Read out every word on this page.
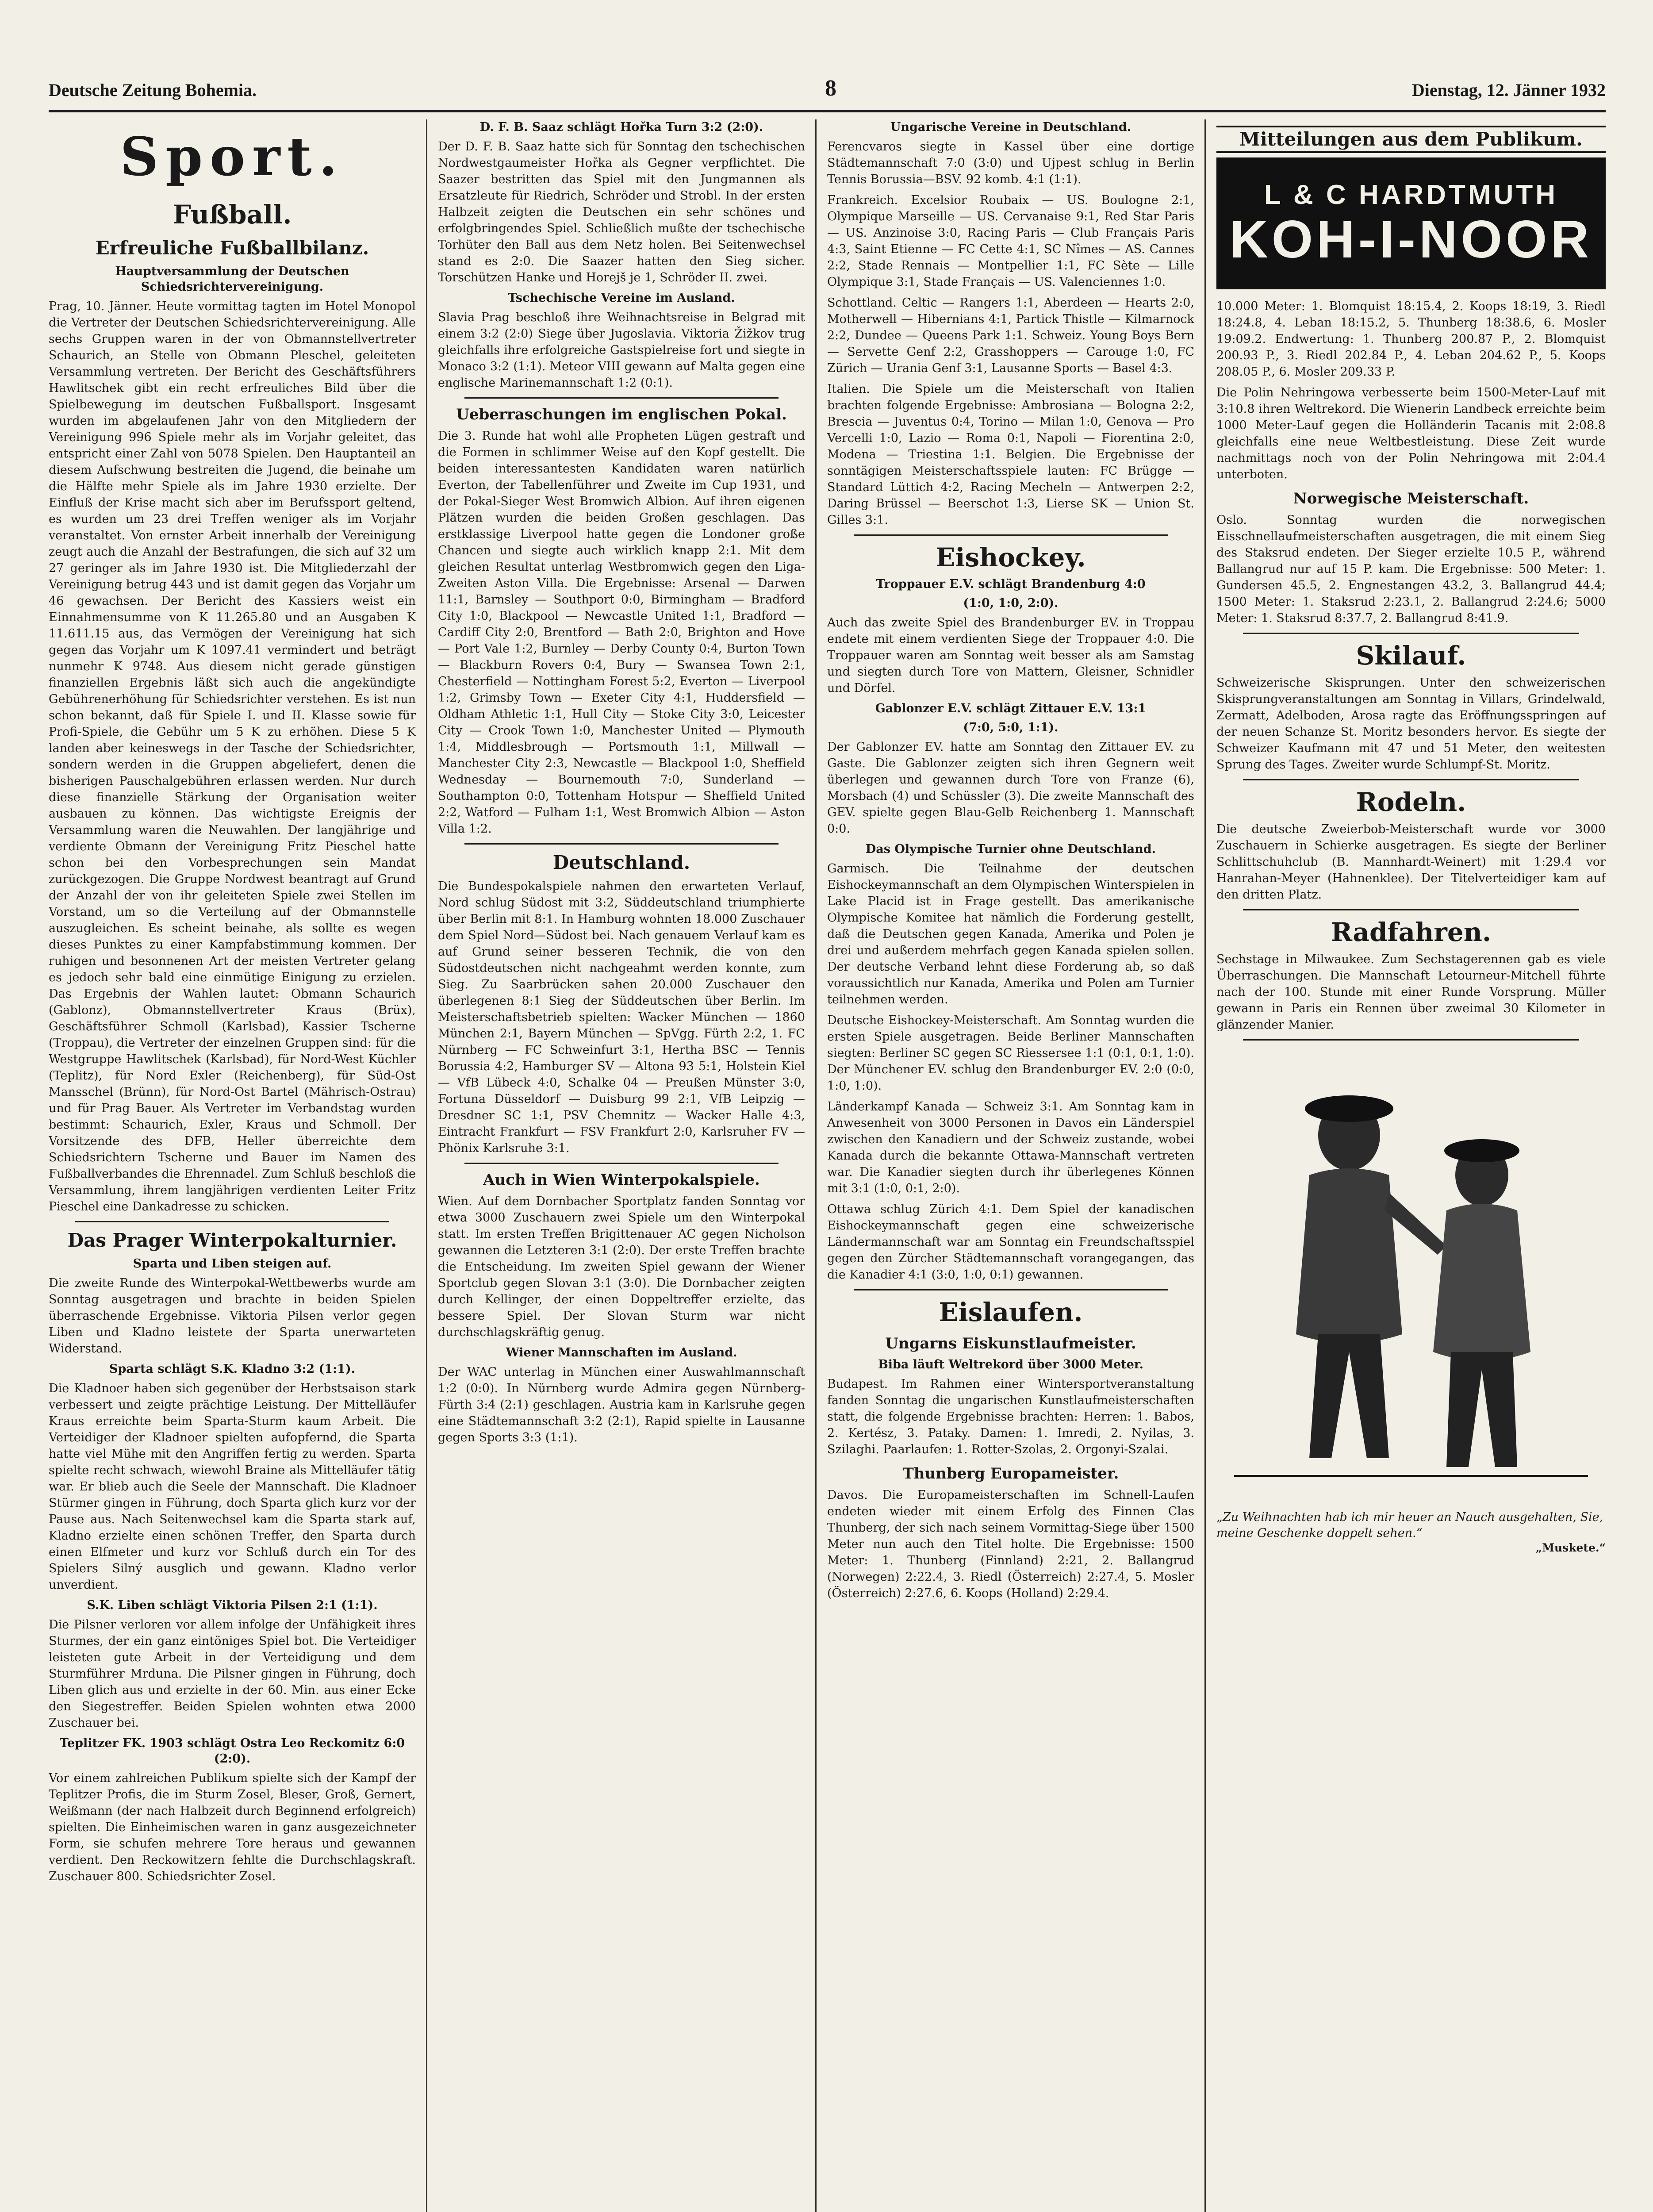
Deutsche Zeitung Bohemia.	8	Dienstag, 12. Jänner 1932
Sport.
Fußball.
Erfreuliche Fußballbilanz.
Hauptversammlung der Deutschen Schiedsrichtervereinigung.

Prag, 10. Jänner. Heute vormittag tagten im Hotel Monopol die Vertreter der Deutschen Schiedsrichtervereinigung. Alle sechs Gruppen waren in der von Obmannstellvertreter Schaurich, an Stelle von Obmann Pleschel, geleiteten Versammlung vertreten. Der Bericht des Geschäftsführers Hawlitschek gibt ein recht erfreuliches Bild über die Spielbewegung im deutschen Fußballsport. Insgesamt wurden im abgelaufenen Jahr von den Mitgliedern der Vereinigung 996 Spiele mehr als im Vorjahr geleitet, das entspricht einer Zahl von 5078 Spielen. Den Hauptanteil an diesem Aufschwung bestreiten die Jugend, die beinahe um die Hälfte mehr Spiele als im Jahre 1930 erzielte. Der Einfluß der Krise macht sich aber im Berufssport geltend, es wurden um 23 drei Treffen weniger als im Vorjahr veranstaltet. Von ernster Arbeit innerhalb der Vereinigung zeugt auch die Anzahl der Bestrafungen, die sich auf 32 um 27 geringer als im Jahre 1930 ist. Die Mitgliederzahl der Vereinigung betrug 443 und ist damit gegen das Vorjahr um 46 gewachsen. Der Bericht des Kassiers weist ein Einnahmensumme von K 11.265.80 und an Ausgaben K 11.611.15 aus, das Vermögen der Vereinigung hat sich gegen das Vorjahr um K 1097.41 vermindert und beträgt nunmehr K 9748. Aus diesem nicht gerade günstigen finanziellen Ergebnis läßt sich auch die angekündigte Gebührenerhöhung für Schiedsrichter verstehen. Es ist nun schon bekannt, daß für Spiele I. und II. Klasse sowie für Profi-Spiele, die Gebühr um 5 K zu erhöhen. Diese 5 K landen aber keineswegs in der Tasche der Schiedsrichter, sondern werden in die Gruppen abgeliefert, denen die bisherigen Pauschalgebühren erlassen werden. Nur durch diese finanzielle Stärkung der Organisation weiter ausbauen zu können. Das wichtigste Ereignis der Versammlung waren die Neuwahlen. Der langjährige und verdiente Obmann der Vereinigung Fritz Pieschel hatte schon bei den Vorbesprechungen sein Mandat zurückgezogen. Die Gruppe Nordwest beantragt auf Grund der Anzahl der von ihr geleiteten Spiele zwei Stellen im Vorstand, um so die Verteilung auf der Obmannstelle auszugleichen. Es scheint beinahe, als sollte es wegen dieses Punktes zu einer Kampfabstimmung kommen. Der ruhigen und besonnenen Art der meisten Vertreter gelang es jedoch sehr bald eine einmütige Einigung zu erzielen. Das Ergebnis der Wahlen lautet: Obmann Schaurich (Gablonz), Obmannstellvertreter Kraus (Brüx), Geschäftsführer Schmoll (Karlsbad), Kassier Tscherne (Troppau), die Vertreter der einzelnen Gruppen sind: für die Westgruppe Hawlitschek (Karlsbad), für Nord-West Küchler (Teplitz), für Nord Exler (Reichenberg), für Süd-Ost Mansschel (Brünn), für Nord-Ost Bartel (Mährisch-Ostrau) und für Prag Bauer. Als Vertreter im Verbandstag wurden bestimmt: Schaurich, Exler, Kraus und Schmoll. Der Vorsitzende des DFB, Heller überreichte dem Schiedsrichtern Tscherne und Bauer im Namen des Fußballverbandes die Ehrennadel. Zum Schluß beschloß die Versammlung, ihrem langjährigen verdienten Leiter Fritz Pieschel eine Dankadresse zu schicken.

Das Prager Winterpokalturnier.
Sparta und Liben steigen auf.

Die zweite Runde des Winterpokal-Wettbewerbs wurde am Sonntag ausgetragen und brachte in beiden Spielen überraschende Ergebnisse. Viktoria Pilsen verlor gegen Liben und Kladno leistete der Sparta unerwarteten Widerstand.

Sparta schlägt S.K. Kladno 3:2 (1:1).

Die Kladnoer haben sich gegenüber der Herbstsaison stark verbessert und zeigte prächtige Leistung. Der Mittelläufer Kraus erreichte beim Sparta-Sturm kaum Arbeit. Die Verteidiger der Kladnoer spielten aufopfernd, die Sparta hatte viel Mühe mit den Angriffen fertig zu werden. Sparta spielte recht schwach, wiewohl Braine als Mittelläufer tätig war. Er blieb auch die Seele der Mannschaft. Die Kladnoer Stürmer gingen in Führung, doch Sparta glich kurz vor der Pause aus. Nach Seitenwechsel kam die Sparta stark auf, Kladno erzielte einen schönen Treffer, den Sparta durch einen Elfmeter und kurz vor Schluß durch ein Tor des Spielers Silný ausglich und gewann. Kladno verlor unverdient.

S.K. Liben schlägt Viktoria Pilsen 2:1 (1:1).

Die Pilsner verloren vor allem infolge der Unfähigkeit ihres Sturmes, der ein ganz eintöniges Spiel bot. Die Verteidiger leisteten gute Arbeit in der Verteidigung und dem Sturmführer Mrduna. Die Pilsner gingen in Führung, doch Liben glich aus und erzielte in der 60. Min. aus einer Ecke den Siegestreffer. Beiden Spielen wohnten etwa 2000 Zuschauer bei.

Teplitzer FK. 1903 schlägt Ostra Leo Reckomitz 6:0 (2:0).

Vor einem zahlreichen Publikum spielte sich der Kampf der Teplitzer Profis, die im Sturm Zosel, Bleser, Groß, Gernert, Weißmann (der nach Halbzeit durch Beginnend erfolgreich) spielten. Die Einheimischen waren in ganz ausgezeichneter Form, sie schufen mehrere Tore heraus und gewannen verdient. Den Reckowitzern fehlte die Durchschlagskraft. Zuschauer 800. Schiedsrichter Zosel.

D. F. B. Saaz schlägt Hořka Turn 3:2 (2:0).

Der D. F. B. Saaz hatte sich für Sonntag den tschechischen Nordwestgaumeister Hořka als Gegner verpflichtet. Die Saazer bestritten das Spiel mit den Jungmannen als Ersatzleute für Riedrich, Schröder und Strobl. In der ersten Halbzeit zeigten die Deutschen ein sehr schönes und erfolgbringendes Spiel. Schließlich mußte der tschechische Torhüter den Ball aus dem Netz holen. Bei Seitenwechsel stand es 2:0. Die Saazer hatten den Sieg sicher. Torschützen Hanke und Horejš je 1, Schröder II. zwei.

Tschechische Vereine im Ausland.

Slavia Prag beschloß ihre Weihnachtsreise in Belgrad mit einem 3:2 (2:0) Siege über Jugoslavia. Viktoria Žižkov trug gleichfalls ihre erfolgreiche Gastspielreise fort und siegte in Monaco 3:2 (1:1). Meteor VIII gewann auf Malta gegen eine englische Marinemannschaft 1:2 (0:1).

Ueberraschungen im englischen Pokal.

Die 3. Runde hat wohl alle Propheten Lügen gestraft und die Formen in schlimmer Weise auf den Kopf gestellt. Die beiden interessantesten Kandidaten waren natürlich Everton, der Tabellenführer und Zweite im Cup 1931, und der Pokal-Sieger West Bromwich Albion. Auf ihren eigenen Plätzen wurden die beiden Großen geschlagen. Das erstklassige Liverpool hatte gegen die Londoner große Chancen und siegte auch wirklich knapp 2:1. Mit dem gleichen Resultat unterlag Westbromwich gegen den Liga-Zweiten Aston Villa. Die Ergebnisse: Arsenal — Darwen 11:1, Barnsley — Southport 0:0, Birmingham — Bradford City 1:0, Blackpool — Newcastle United 1:1, Bradford — Cardiff City 2:0, Brentford — Bath 2:0, Brighton and Hove — Port Vale 1:2, Burnley — Derby County 0:4, Burton Town — Blackburn Rovers 0:4, Bury — Swansea Town 2:1, Chesterfield — Nottingham Forest 5:2, Everton — Liverpool 1:2, Grimsby Town — Exeter City 4:1, Huddersfield — Oldham Athletic 1:1, Hull City — Stoke City 3:0, Leicester City — Crook Town 1:0, Manchester United — Plymouth 1:4, Middlesbrough — Portsmouth 1:1, Millwall — Manchester City 2:3, Newcastle — Blackpool 1:0, Sheffield Wednesday — Bournemouth 7:0, Sunderland — Southampton 0:0, Tottenham Hotspur — Sheffield United 2:2, Watford — Fulham 1:1, West Bromwich Albion — Aston Villa 1:2.

Deutschland.

Die Bundespokalspiele nahmen den erwarteten Verlauf, Nord schlug Südost mit 3:2, Süddeutschland triumphierte über Berlin mit 8:1. In Hamburg wohnten 18.000 Zuschauer dem Spiel Nord—Südost bei. Nach genauem Verlauf kam es auf Grund seiner besseren Technik, die von den Südostdeutschen nicht nachgeahmt werden konnte, zum Sieg. Zu Saarbrücken sahen 20.000 Zuschauer den überlegenen 8:1 Sieg der Süddeutschen über Berlin. Im Meisterschaftsbetrieb spielten: Wacker München — 1860 München 2:1, Bayern München — SpVgg. Fürth 2:2, 1. FC Nürnberg — FC Schweinfurt 3:1, Hertha BSC — Tennis Borussia 4:2, Hamburger SV — Altona 93 5:1, Holstein Kiel — VfB Lübeck 4:0, Schalke 04 — Preußen Münster 3:0, Fortuna Düsseldorf — Duisburg 99 2:1, VfB Leipzig — Dresdner SC 1:1, PSV Chemnitz — Wacker Halle 4:3, Eintracht Frankfurt — FSV Frankfurt 2:0, Karlsruher FV — Phönix Karlsruhe 3:1.

Auch in Wien Winterpokalspiele.

Wien. Auf dem Dornbacher Sportplatz fanden Sonntag vor etwa 3000 Zuschauern zwei Spiele um den Winterpokal statt. Im ersten Treffen Brigittenauer AC gegen Nicholson gewannen die Letzteren 3:1 (2:0). Der erste Treffen brachte die Entscheidung. Im zweiten Spiel gewann der Wiener Sportclub gegen Slovan 3:1 (3:0). Die Dornbacher zeigten durch Kellinger, der einen Doppeltreffer erzielte, das bessere Spiel. Der Slovan Sturm war nicht durchschlagskräftig genug.

Wiener Mannschaften im Ausland.

Der WAC unterlag in München einer Auswahlmannschaft 1:2 (0:0). In Nürnberg wurde Admira gegen Nürnberg-Fürth 3:4 (2:1) geschlagen. Austria kam in Karlsruhe gegen eine Städtemannschaft 3:2 (2:1), Rapid spielte in Lausanne gegen Sports 3:3 (1:1).

Ungarische Vereine in Deutschland.

Ferencvaros siegte in Kassel über eine dortige Städtemannschaft 7:0 (3:0) und Ujpest schlug in Berlin Tennis Borussia—BSV. 92 komb. 4:1 (1:1).

Frankreich. Excelsior Roubaix — US. Boulogne 2:1, Olympique Marseille — US. Cervanaise 9:1, Red Star Paris — US. Anzinoise 3:0, Racing Paris — Club Français Paris 4:3, Saint Etienne — FC Cette 4:1, SC Nîmes — AS. Cannes 2:2, Stade Rennais — Montpellier 1:1, FC Sète — Lille Olympique 3:1, Stade Français — US. Valenciennes 1:0.

Schottland. Celtic — Rangers 1:1, Aberdeen — Hearts 2:0, Motherwell — Hibernians 4:1, Partick Thistle — Kilmarnock 2:2, Dundee — Queens Park 1:1. Schweiz. Young Boys Bern — Servette Genf 2:2, Grasshoppers — Carouge 1:0, FC Zürich — Urania Genf 3:1, Lausanne Sports — Basel 4:3.

Italien. Die Spiele um die Meisterschaft von Italien brachten folgende Ergebnisse: Ambrosiana — Bologna 2:2, Brescia — Juventus 0:4, Torino — Milan 1:0, Genova — Pro Vercelli 1:0, Lazio — Roma 0:1, Napoli — Fiorentina 2:0, Modena — Triestina 1:1. Belgien. Die Ergebnisse der sonntägigen Meisterschaftsspiele lauten: FC Brügge — Standard Lüttich 4:2, Racing Mecheln — Antwerpen 2:2, Daring Brüssel — Beerschot 1:3, Lierse SK — Union St. Gilles 3:1.

Eishockey.
Troppauer E.V. schlägt Brandenburg 4:0
(1:0, 1:0, 2:0).

Auch das zweite Spiel des Brandenburger EV. in Troppau endete mit einem verdienten Siege der Troppauer 4:0. Die Troppauer waren am Sonntag weit besser als am Samstag und siegten durch Tore von Mattern, Gleisner, Schnidler und Dörfel.

Gablonzer E.V. schlägt Zittauer E.V. 13:1
(7:0, 5:0, 1:1).

Der Gablonzer EV. hatte am Sonntag den Zittauer EV. zu Gaste. Die Gablonzer zeigten sich ihren Gegnern weit überlegen und gewannen durch Tore von Franze (6), Morsbach (4) und Schüssler (3). Die zweite Mannschaft des GEV. spielte gegen Blau-Gelb Reichenberg 1. Mannschaft 0:0.

Das Olympische Turnier ohne Deutschland.

Garmisch. Die Teilnahme der deutschen Eishockeymannschaft an dem Olympischen Winterspielen in Lake Placid ist in Frage gestellt. Das amerikanische Olympische Komitee hat nämlich die Forderung gestellt, daß die Deutschen gegen Kanada, Amerika und Polen je drei und außerdem mehrfach gegen Kanada spielen sollen. Der deutsche Verband lehnt diese Forderung ab, so daß voraussichtlich nur Kanada, Amerika und Polen am Turnier teilnehmen werden.

Deutsche Eishockey-Meisterschaft. Am Sonntag wurden die ersten Spiele ausgetragen. Beide Berliner Mannschaften siegten: Berliner SC gegen SC Riessersee 1:1 (0:1, 0:1, 1:0). Der Münchener EV. schlug den Brandenburger EV. 2:0 (0:0, 1:0, 1:0).

Länderkampf Kanada — Schweiz 3:1. Am Sonntag kam in Anwesenheit von 3000 Personen in Davos ein Länderspiel zwischen den Kanadiern und der Schweiz zustande, wobei Kanada durch die bekannte Ottawa-Mannschaft vertreten war. Die Kanadier siegten durch ihr überlegenes Können mit 3:1 (1:0, 0:1, 2:0).

Ottawa schlug Zürich 4:1. Dem Spiel der kanadischen Eishockeymannschaft gegen eine schweizerische Ländermannschaft war am Sonntag ein Freundschaftsspiel gegen den Zürcher Städtemannschaft vorangegangen, das die Kanadier 4:1 (3:0, 1:0, 0:1) gewannen.

Eislaufen.
Ungarns Eiskunstlaufmeister.
Biba läuft Weltrekord über 3000 Meter.

Budapest. Im Rahmen einer Wintersportveranstaltung fanden Sonntag die ungarischen Kunstlaufmeisterschaften statt, die folgende Ergebnisse brachten: Herren: 1. Babos, 2. Kertész, 3. Pataky. Damen: 1. Imredi, 2. Nyilas, 3. Szilaghi. Paarlaufen: 1. Rotter-Szolas, 2. Orgonyi-Szalai.

Thunberg Europameister.

Davos. Die Europameisterschaften im Schnell-Laufen endeten wieder mit einem Erfolg des Finnen Clas Thunberg, der sich nach seinem Vormittag-Siege über 1500 Meter nun auch den Titel holte. Die Ergebnisse: 1500 Meter: 1. Thunberg (Finnland) 2:21, 2. Ballangrud (Norwegen) 2:22.4, 3. Riedl (Österreich) 2:27.4, 5. Mosler (Österreich) 2:27.6, 6. Koops (Holland) 2:29.4.

Mitteilungen aus dem Publikum.
L & C HARDTMUTH
KOH-I-NOOR

10.000 Meter: 1. Blomquist 18:15.4, 2. Koops 18:19, 3. Riedl 18:24.8, 4. Leban 18:15.2, 5. Thunberg 18:38.6, 6. Mosler 19:09.2. Endwertung: 1. Thunberg 200.87 P., 2. Blomquist 200.93 P., 3. Riedl 202.84 P., 4. Leban 204.62 P., 5. Koops 208.05 P., 6. Mosler 209.33 P.

Die Polin Nehringowa verbesserte beim 1500-Meter-Lauf mit 3:10.8 ihren Weltrekord. Die Wienerin Landbeck erreichte beim 1000 Meter-Lauf gegen die Holländerin Tacanis mit 2:08.8 gleichfalls eine neue Weltbestleistung. Diese Zeit wurde nachmittags noch von der Polin Nehringowa mit 2:04.4 unterboten.

Norwegische Meisterschaft.

Oslo. Sonntag wurden die norwegischen Eisschnellaufmeisterschaften ausgetragen, die mit einem Sieg des Staksrud endeten. Der Sieger erzielte 10.5 P., während Ballangrud nur auf 15 P. kam. Die Ergebnisse: 500 Meter: 1. Gundersen 45.5, 2. Engnestangen 43.2, 3. Ballangrud 44.4; 1500 Meter: 1. Staksrud 2:23.1, 2. Ballangrud 2:24.6; 5000 Meter: 1. Staksrud 8:37.7, 2. Ballangrud 8:41.9.

Skilauf.

Schweizerische Skisprungen. Unter den schweizerischen Skisprungveranstaltungen am Sonntag in Villars, Grindelwald, Zermatt, Adelboden, Arosa ragte das Eröffnungsspringen auf der neuen Schanze St. Moritz besonders hervor. Es siegte der Schweizer Kaufmann mit 47 und 51 Meter, den weitesten Sprung des Tages. Zweiter wurde Schlumpf-St. Moritz.

Rodeln.

Die deutsche Zweierbob-Meisterschaft wurde vor 3000 Zuschauern in Schierke ausgetragen. Es siegte der Berliner Schlittschuhclub (B. Mannhardt-Weinert) mit 1:29.4 vor Hanrahan-Meyer (Hahnenklee). Der Titelverteidiger kam auf den dritten Platz.

Radfahren.

Sechstage in Milwaukee. Zum Sechstagerennen gab es viele Überraschungen. Die Mannschaft Letourneur-Mitchell führte nach der 100. Stunde mit einer Runde Vorsprung. Müller gewann in Paris ein Rennen über zweimal 30 Kilometer in glänzender Manier.

„Zu Weihnachten hab ich mir heuer an Nauch ausgehalten, Sie, meine Geschenke doppelt sehen.“
„Muskete.“
